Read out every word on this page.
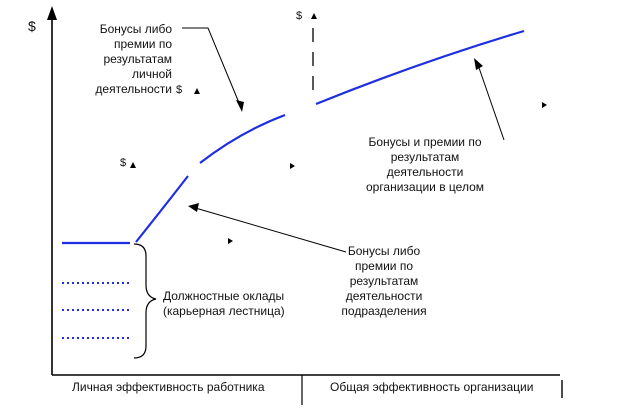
$
$
$
$
Бонусы либо премии по результатам личной деятельности
Бонусы и премии по результатам деятельности организации в целом
Бонусы либо премии по результатам деятельности подразделения
Должностные оклады (карьерная лестница)
Личная эффективность работника	Общая эффективность организации
